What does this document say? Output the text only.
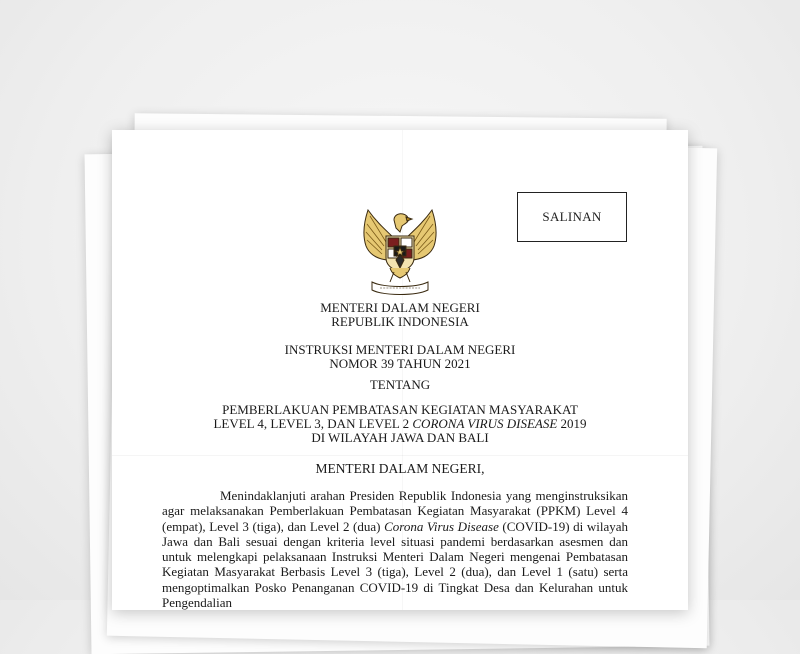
SALINAN
MENTERI DALAM NEGERI
REPUBLIK INDONESIA
INSTRUKSI MENTERI DALAM NEGERI
NOMOR 39 TAHUN 2021
TENTANG
PEMBERLAKUAN PEMBATASAN KEGIATAN MASYARAKAT
LEVEL 4, LEVEL 3, DAN LEVEL 2 CORONA VIRUS DISEASE 2019
DI WILAYAH JAWA DAN BALI
MENTERI DALAM NEGERI,

Menindaklanjuti arahan Presiden Republik Indonesia yang menginstruksikan agar melaksanakan Pemberlakuan Pembatasan Kegiatan Masyarakat (PPKM) Level 4 (empat), Level 3 (tiga), dan Level 2 (dua) Corona Virus Disease (COVID-19) di wilayah Jawa dan Bali sesuai dengan kriteria level situasi pandemi berdasarkan asesmen dan untuk melengkapi pelaksanaan Instruksi Menteri Dalam Negeri mengenai Pembatasan Kegiatan Masyarakat Berbasis Level 3 (tiga), Level 2 (dua), dan Level 1 (satu) serta mengoptimalkan Posko Penanganan COVID-19 di Tingkat Desa dan Kelurahan untuk Pengendalian
